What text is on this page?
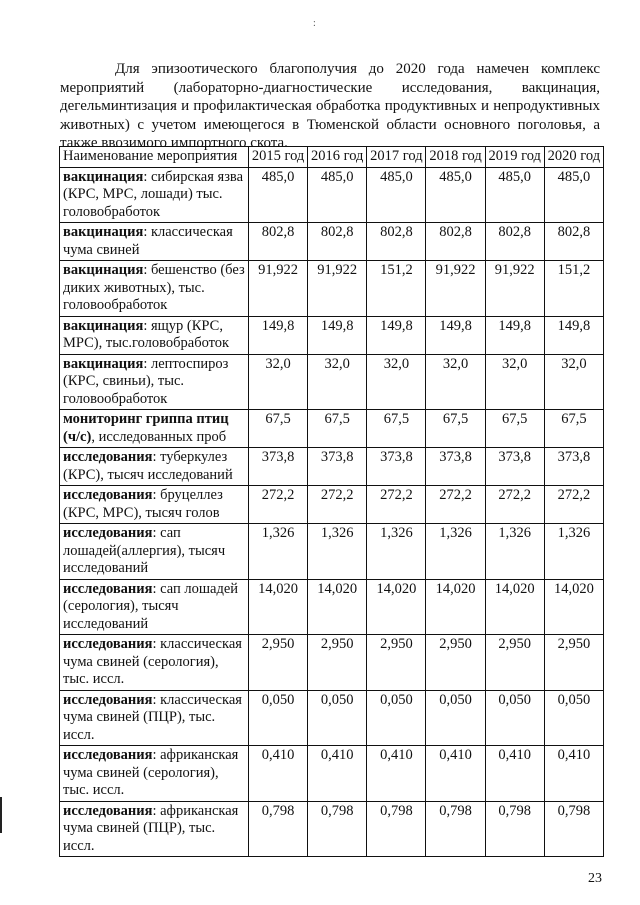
:

Для эпизоотического благополучия до 2020 года намечен комплекс мероприятий (лабораторно-диагностические исследования, вакцинация, дегельминтизация и профилактическая обработка продуктивных и непродуктивных животных) с учетом имеющегося в Тюменской области основного поголовья, а также ввозимого импортного скота.

Наименование мероприятия	2015 год	2016 год	2017 год	2018 год	2019 год	2020 год
вакцинация: сибирская язва (КРС, МРС, лошади) тыс. головобработок	485,0	485,0	485,0	485,0	485,0	485,0
вакцинация: классическая чума свиней	802,8	802,8	802,8	802,8	802,8	802,8
вакцинация: бешенство (без диких животных), тыс. головообработок	91,922	91,922	151,2	91,922	91,922	151,2
вакцинация: ящур (КРС, МРС), тыс.головобработок	149,8	149,8	149,8	149,8	149,8	149,8
вакцинация: лептоспироз (КРС, свиньи), тыс. головообработок	32,0	32,0	32,0	32,0	32,0	32,0
мониторинг гриппа птиц (ч/с), исследованных проб	67,5	67,5	67,5	67,5	67,5	67,5
исследования: туберкулез (КРС), тысяч исследований	373,8	373,8	373,8	373,8	373,8	373,8
исследования: бруцеллез (КРС, МРС), тысяч голов	272,2	272,2	272,2	272,2	272,2	272,2
исследования: сап лошадей(аллергия), тысяч исследований	1,326	1,326	1,326	1,326	1,326	1,326
исследования: сап лошадей (серология), тысяч исследований	14,020	14,020	14,020	14,020	14,020	14,020
исследования: классическая чума свиней (серология), тыс. иссл.	2,950	2,950	2,950	2,950	2,950	2,950
исследования: классическая чума свиней (ПЦР), тыс. иссл.	0,050	0,050	0,050	0,050	0,050	0,050
исследования: африканская чума свиней (серология), тыс. иссл.	0,410	0,410	0,410	0,410	0,410	0,410
исследования: африканская чума свиней (ПЦР), тыс. иссл.	0,798	0,798	0,798	0,798	0,798	0,798
23
